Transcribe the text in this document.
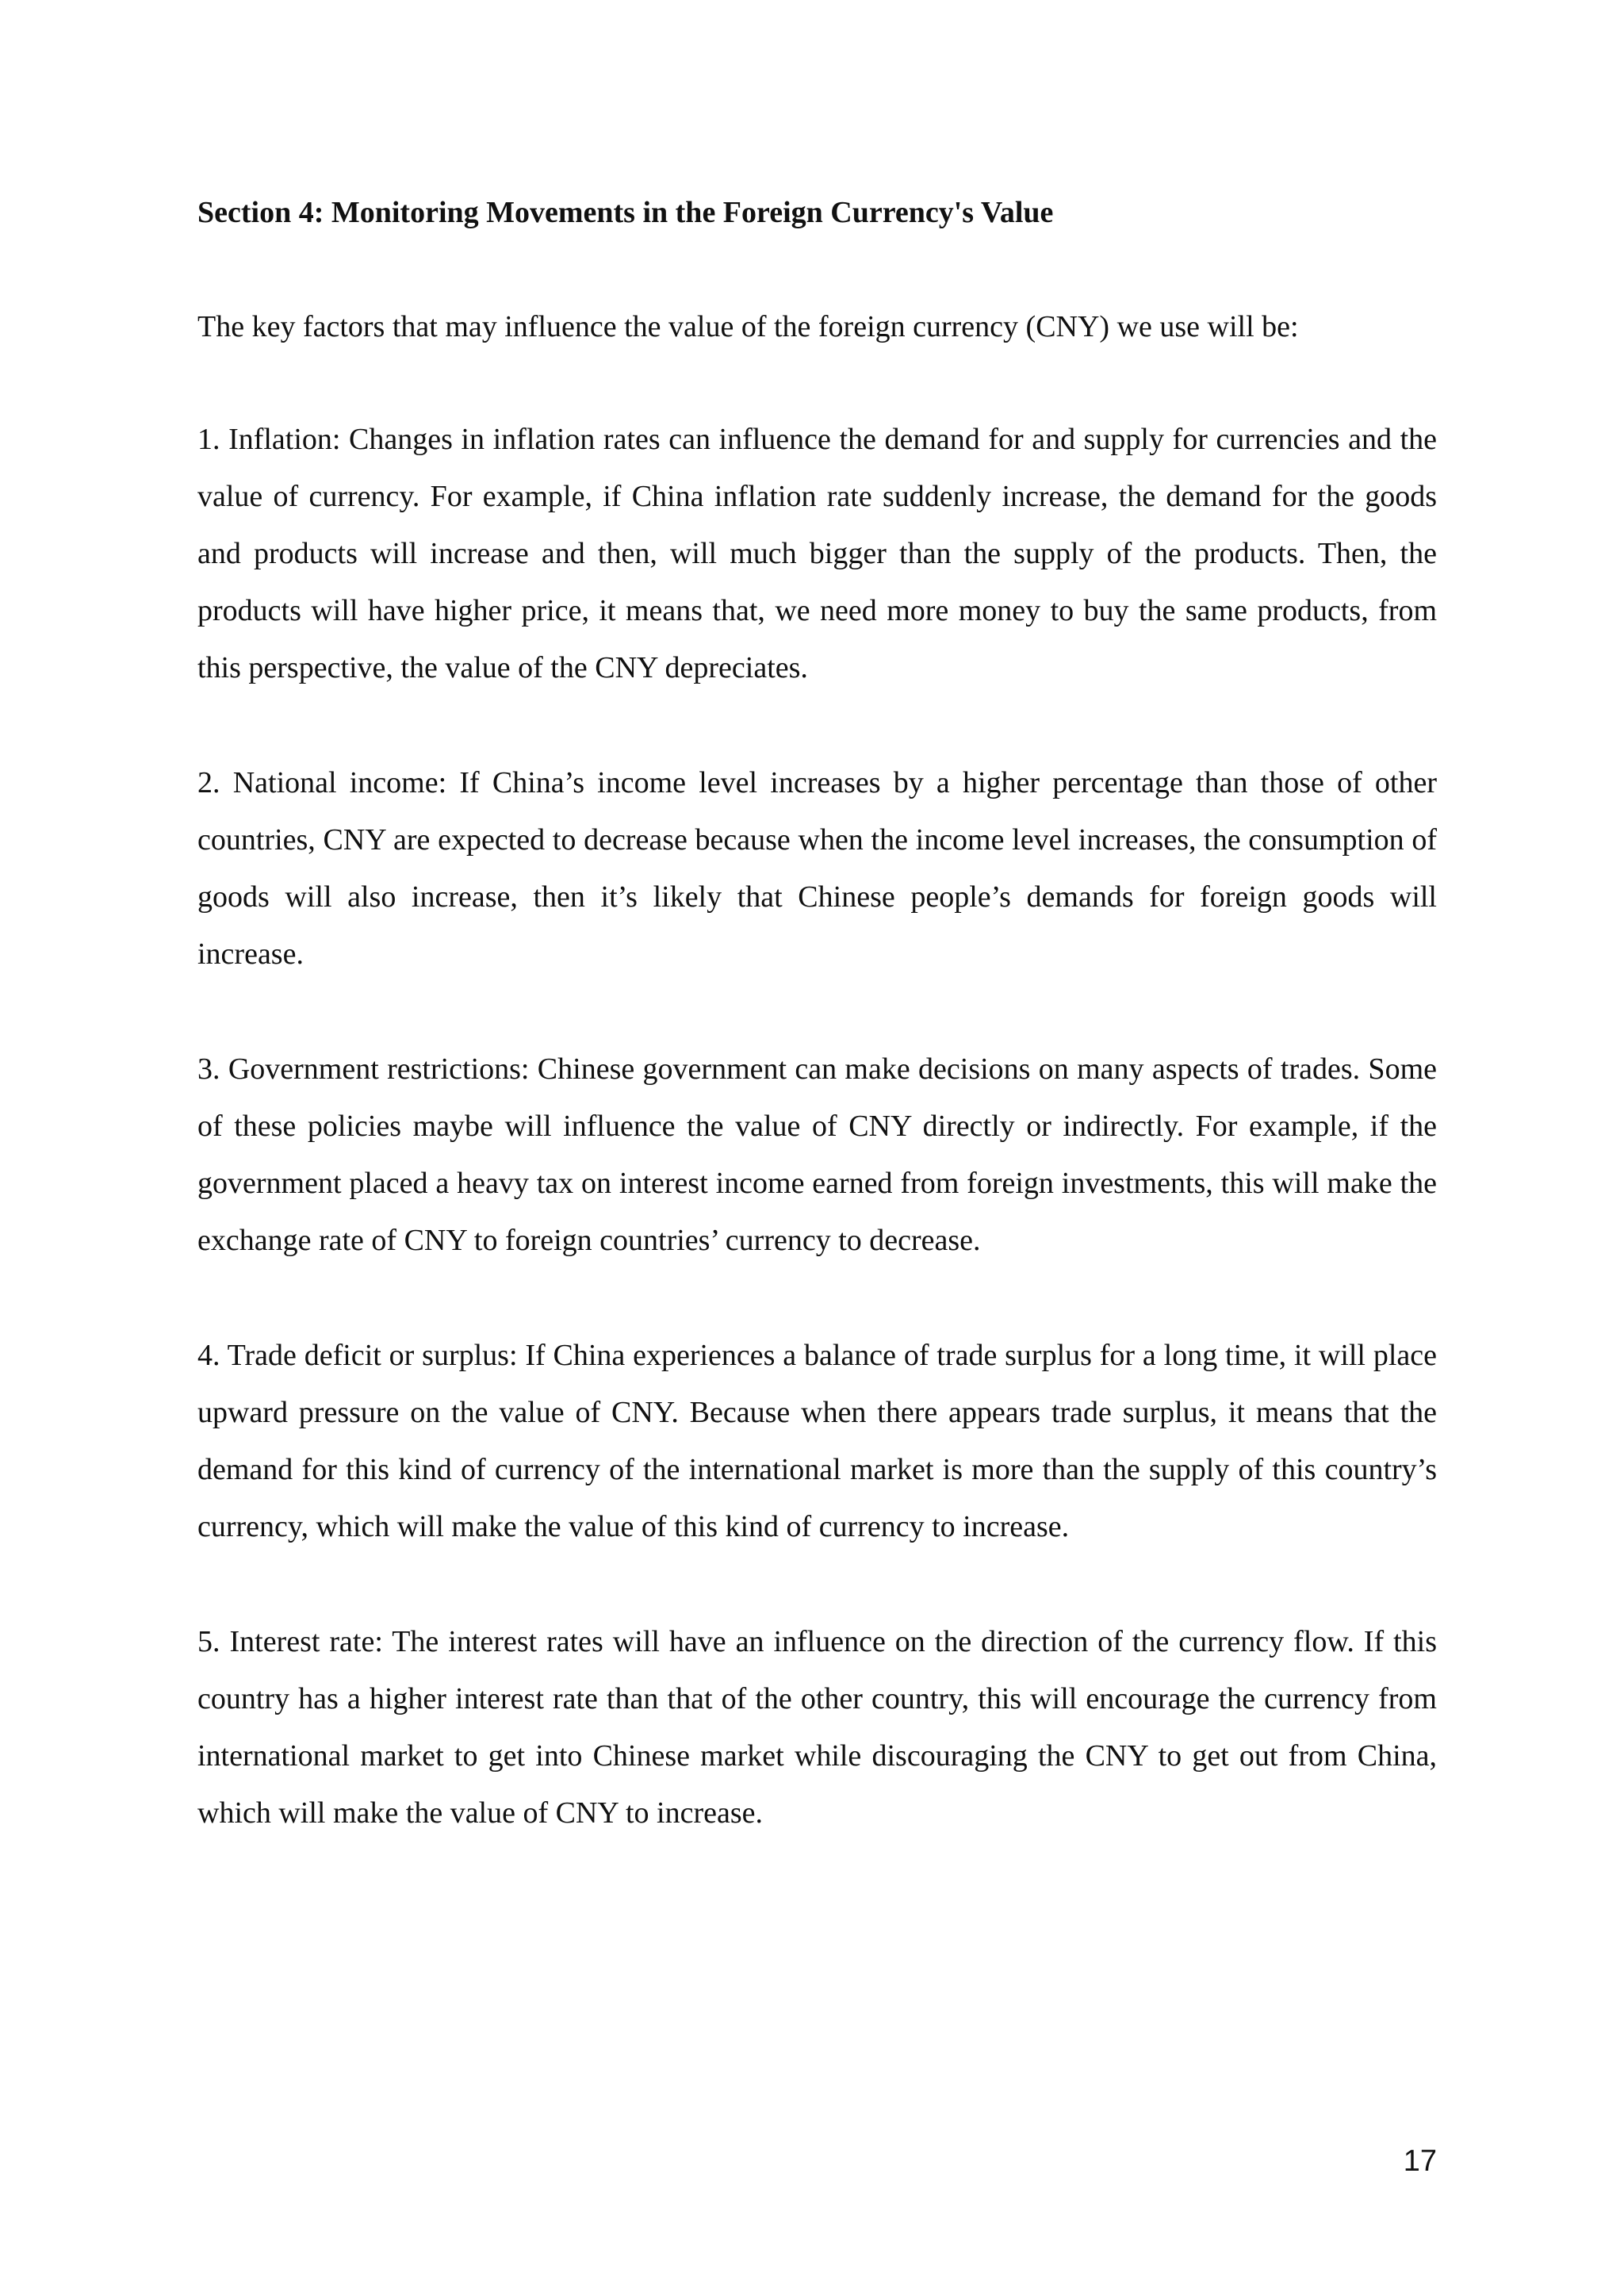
Section 4: Monitoring Movements in the Foreign Currency's Value

The key factors that may influence the value of the foreign currency (CNY) we use will be:

1. Inflation: Changes in inflation rates can influence the demand for and supply for currencies and the value of currency. For example, if China inflation rate suddenly increase, the demand for the goods and products will increase and then, will much bigger than the supply of the products. Then, the products will have higher price, it means that, we need more money to buy the same products, from this perspective, the value of the CNY depreciates.

2. National income: If China’s income level increases by a higher percentage than those of other countries, CNY are expected to decrease because when the income level increases, the consumption of goods will also increase, then it’s likely that Chinese people’s demands for foreign goods will increase.

3. Government restrictions: Chinese government can make decisions on many aspects of trades. Some of these policies maybe will influence the value of CNY directly or indirectly. For example, if the government placed a heavy tax on interest income earned from foreign investments, this will make the exchange rate of CNY to foreign countries’ currency to decrease.

4. Trade deficit or surplus: If China experiences a balance of trade surplus for a long time, it will place upward pressure on the value of CNY. Because when there appears trade surplus, it means that the demand for this kind of currency of the international market is more than the supply of this country’s currency, which will make the value of this kind of currency to increase.

5. Interest rate: The interest rates will have an influence on the direction of the currency flow. If this country has a higher interest rate than that of the other country, this will encourage the currency from international market to get into Chinese market while discouraging the CNY to get out from China, which will make the value of CNY to increase.

17
